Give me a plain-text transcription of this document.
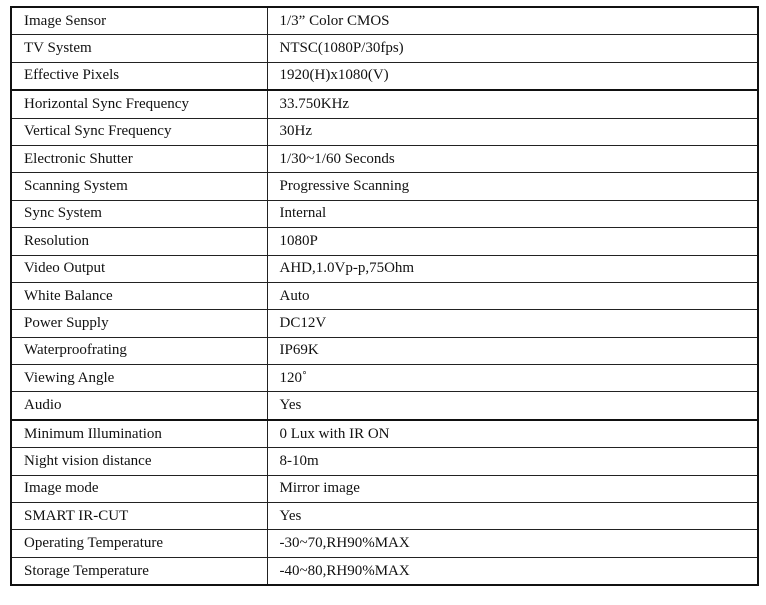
Image Sensor	1/3” Color CMOS
TV System	NTSC(1080P/30fps)
Effective Pixels	1920(H)x1080(V)
Horizontal Sync Frequency	33.750KHz
Vertical Sync Frequency	30Hz
Electronic Shutter	1/30~1/60 Seconds
Scanning System	Progressive Scanning
Sync System	Internal
Resolution	1080P
Video Output	AHD,1.0Vp-p,75Ohm
White Balance	Auto
Power Supply	DC12V
Waterproofrating	IP69K
Viewing Angle	120˚
Audio	Yes
Minimum Illumination	0 Lux with IR ON
Night vision distance	8-10m
Image mode	Mirror image
SMART IR-CUT	Yes
Operating Temperature	-30~70,RH90%MAX
Storage Temperature	-40~80,RH90%MAX
